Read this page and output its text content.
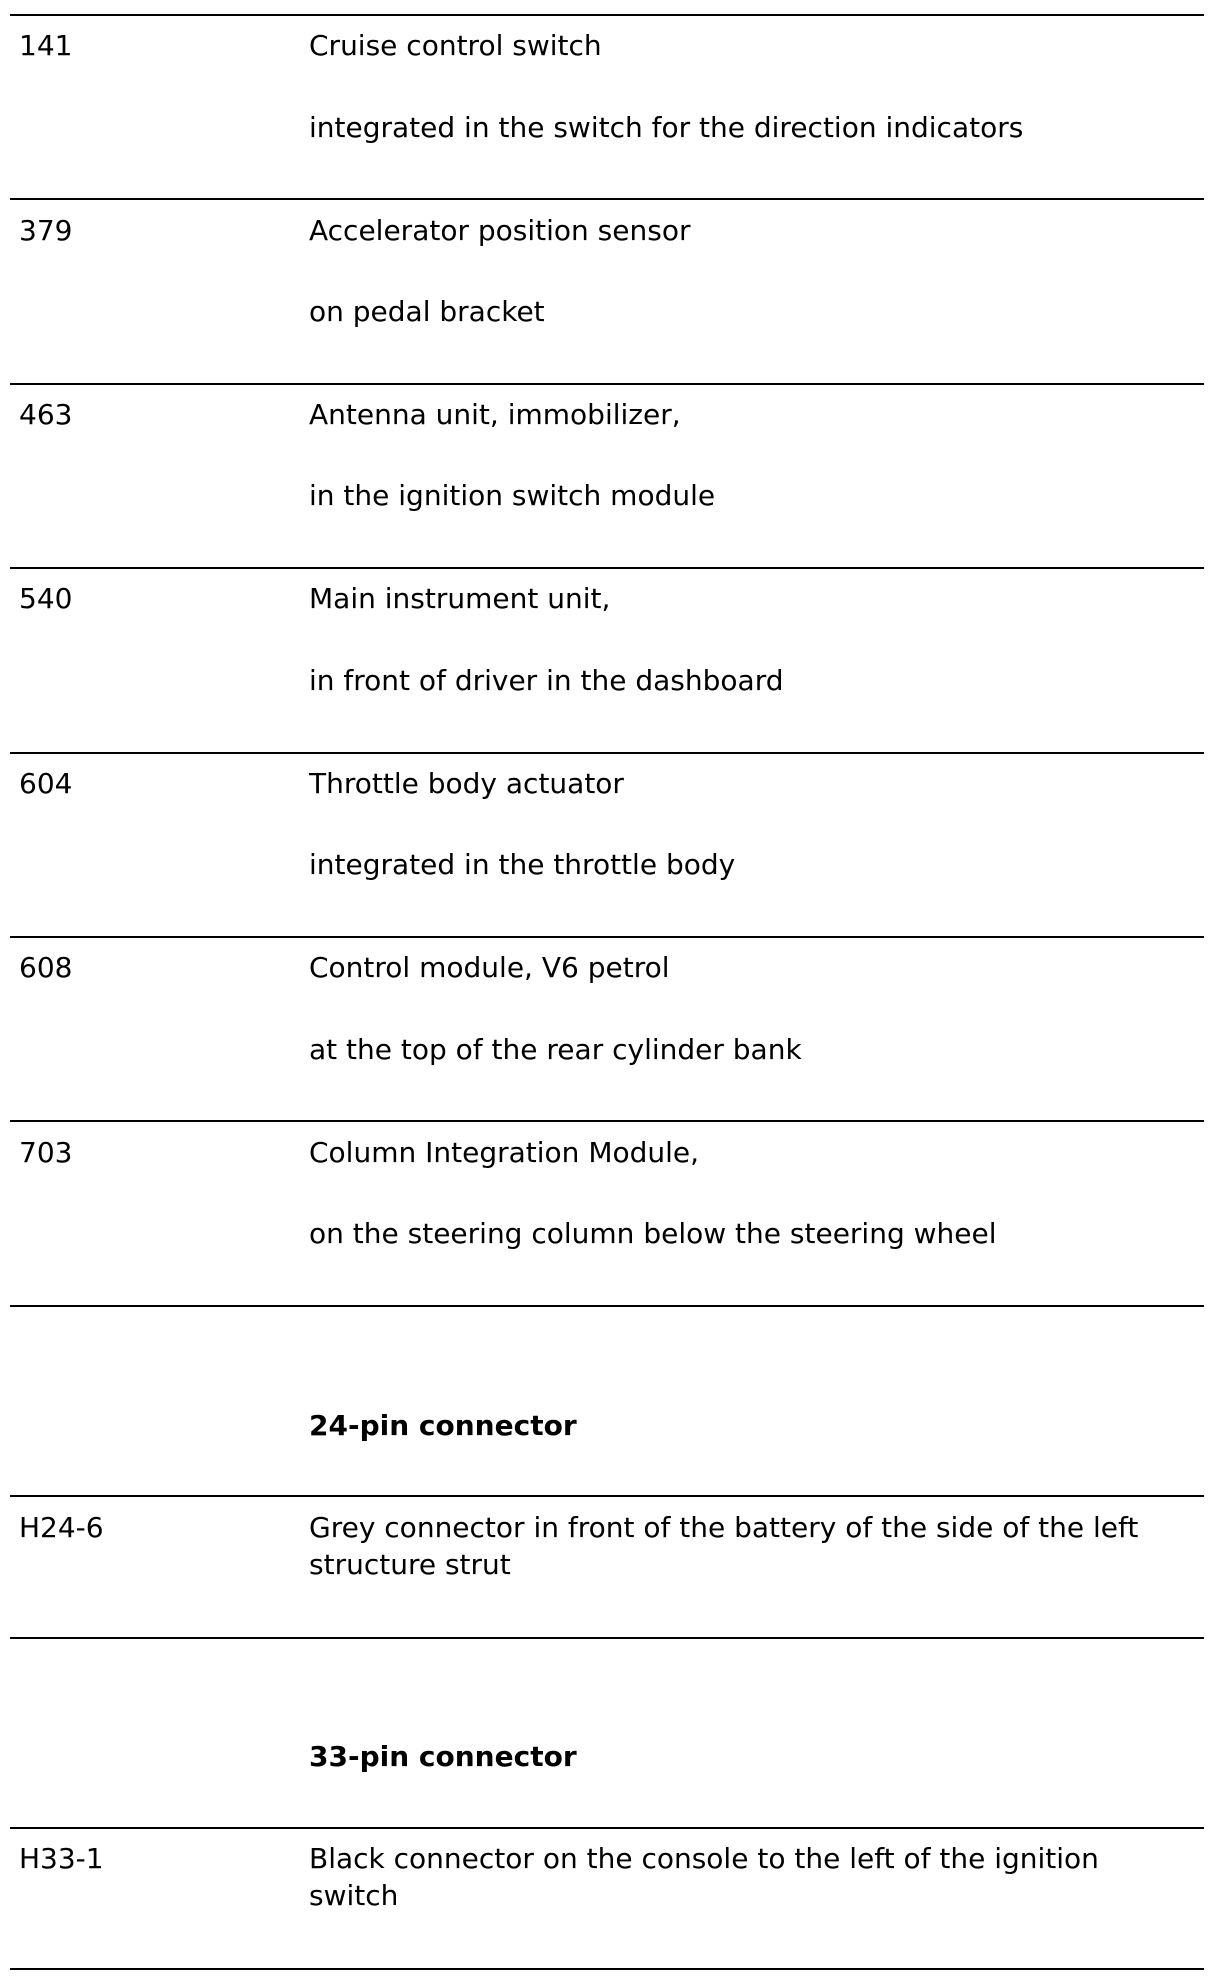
141	Cruise control switch
integrated in the switch for the direction indicators
379	Accelerator position sensor
on pedal bracket
463	Antenna unit, immobilizer,
in the ignition switch module
540	Main instrument unit,
in front of driver in the dashboard
604	Throttle body actuator
integrated in the throttle body
608	Control module, V6 petrol
at the top of the rear cylinder bank
703	Column Integration Module,
on the steering column below the steering wheel
24-pin connector
H24-6	Grey connector in front of the battery of the side of the left structure strut
33-pin connector
H33-1	Black connector on the console to the left of the ignition switch
